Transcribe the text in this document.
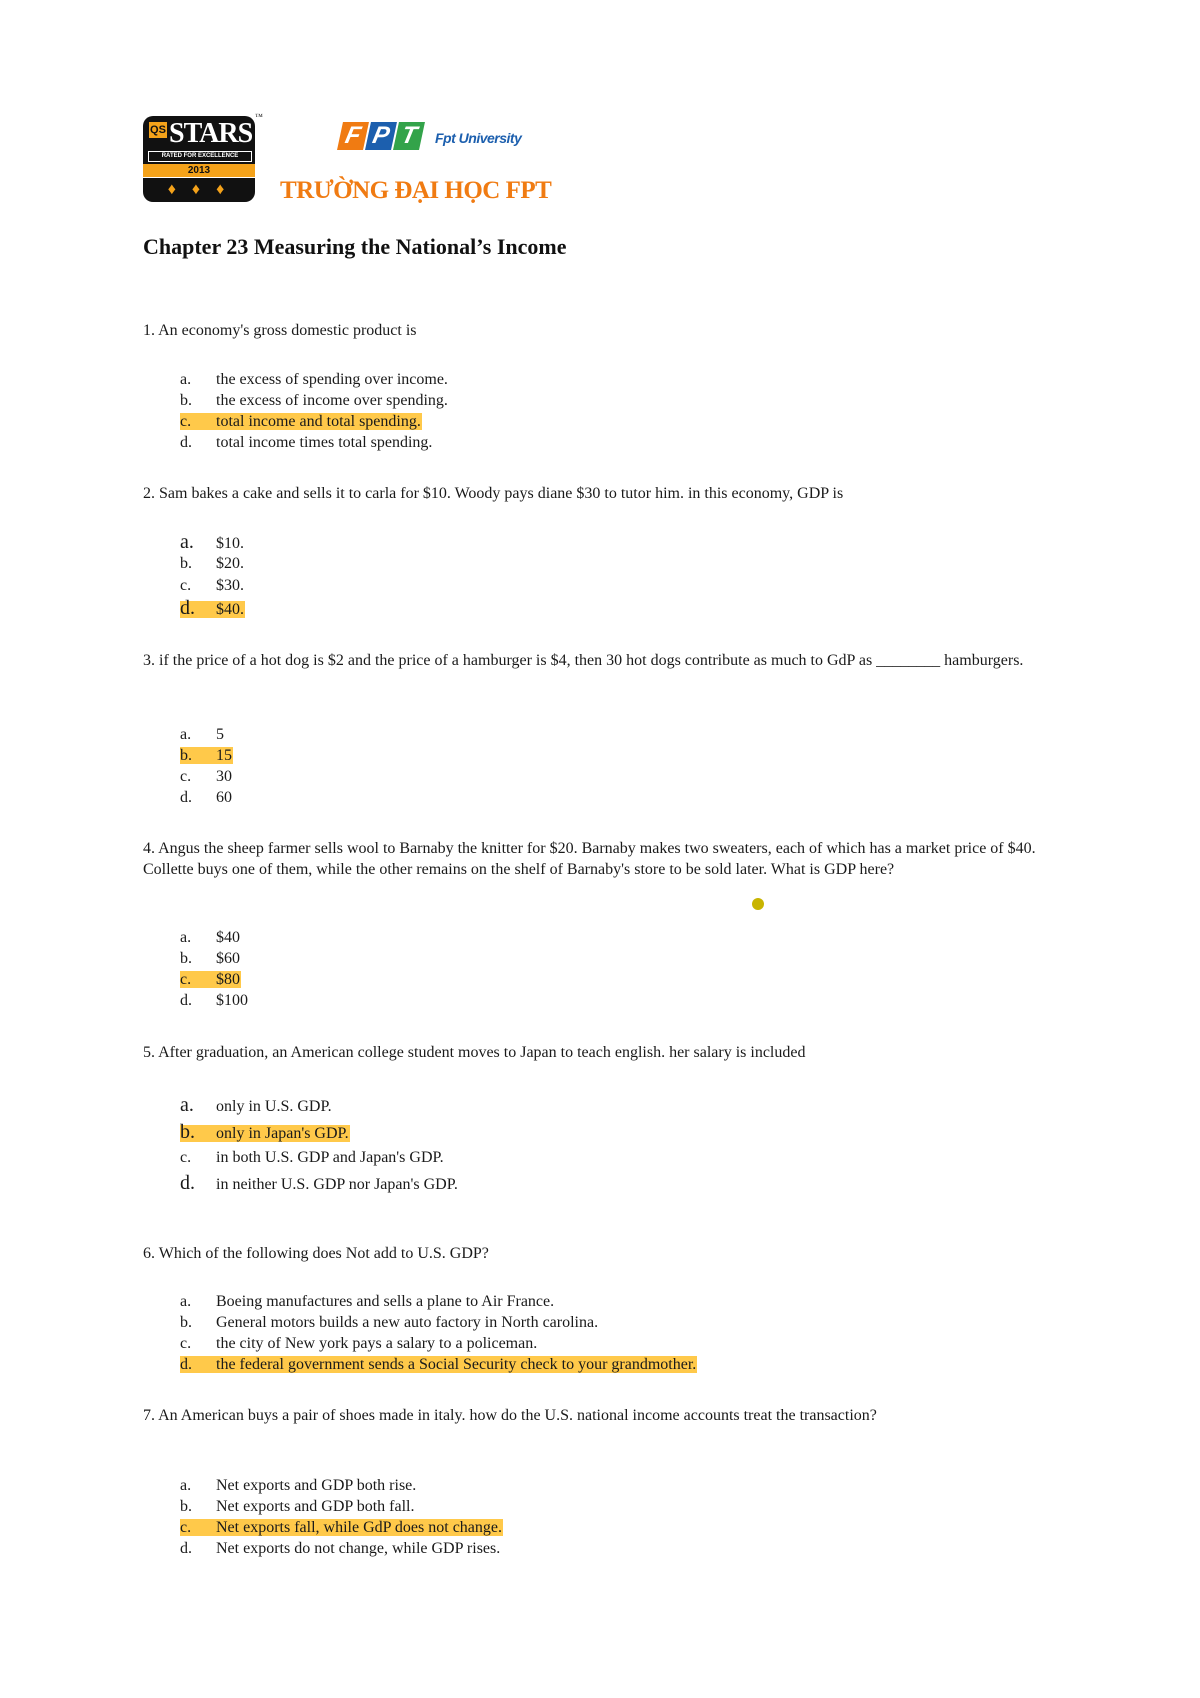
QS STARS
RATED FOR EXCELLENCE
2013
♦ ♦ ♦
™
F P T	Fpt University
TRƯỜNG ĐẠI HỌC FPT
Chapter 23 Measuring the National’s Income
1. An economy's gross domestic product is
a. the excess of spending over income.
b. the excess of income over spending.
c. total income and total spending.
d. total income times total spending.
2. Sam bakes a cake and sells it to carla for $10. Woody pays diane $30 to tutor him. in this economy, GDP is
a. $10.
b. $20.
c. $30.
d. $40.
3. if the price of a hot dog is $2 and the price of a hamburger is $4, then 30 hot dogs contribute as much to GdP as ________ hamburgers.
a. 5
b. 15
c. 30
d. 60
4. Angus the sheep farmer sells wool to Barnaby the knitter for $20. Barnaby makes two sweaters, each of which has a market price of $40. Collette buys one of them, while the other remains on the shelf of Barnaby's store to be sold later. What is GDP here?
a. $40
b. $60
c. $80
d. $100
5. After graduation, an American college student moves to Japan to teach english. her salary is included
a. only in U.S. GDP.
b. only in Japan's GDP.
c. in both U.S. GDP and Japan's GDP.
d. in neither U.S. GDP nor Japan's GDP.
6. Which of the following does Not add to U.S. GDP?
a. Boeing manufactures and sells a plane to Air France.
b. General motors builds a new auto factory in North carolina.
c. the city of New york pays a salary to a policeman.
d. the federal government sends a Social Security check to your grandmother.
7. An American buys a pair of shoes made in italy. how do the U.S. national income accounts treat the transaction?
a. Net exports and GDP both rise.
b. Net exports and GDP both fall.
c. Net exports fall, while GdP does not change.
d. Net exports do not change, while GDP rises.
